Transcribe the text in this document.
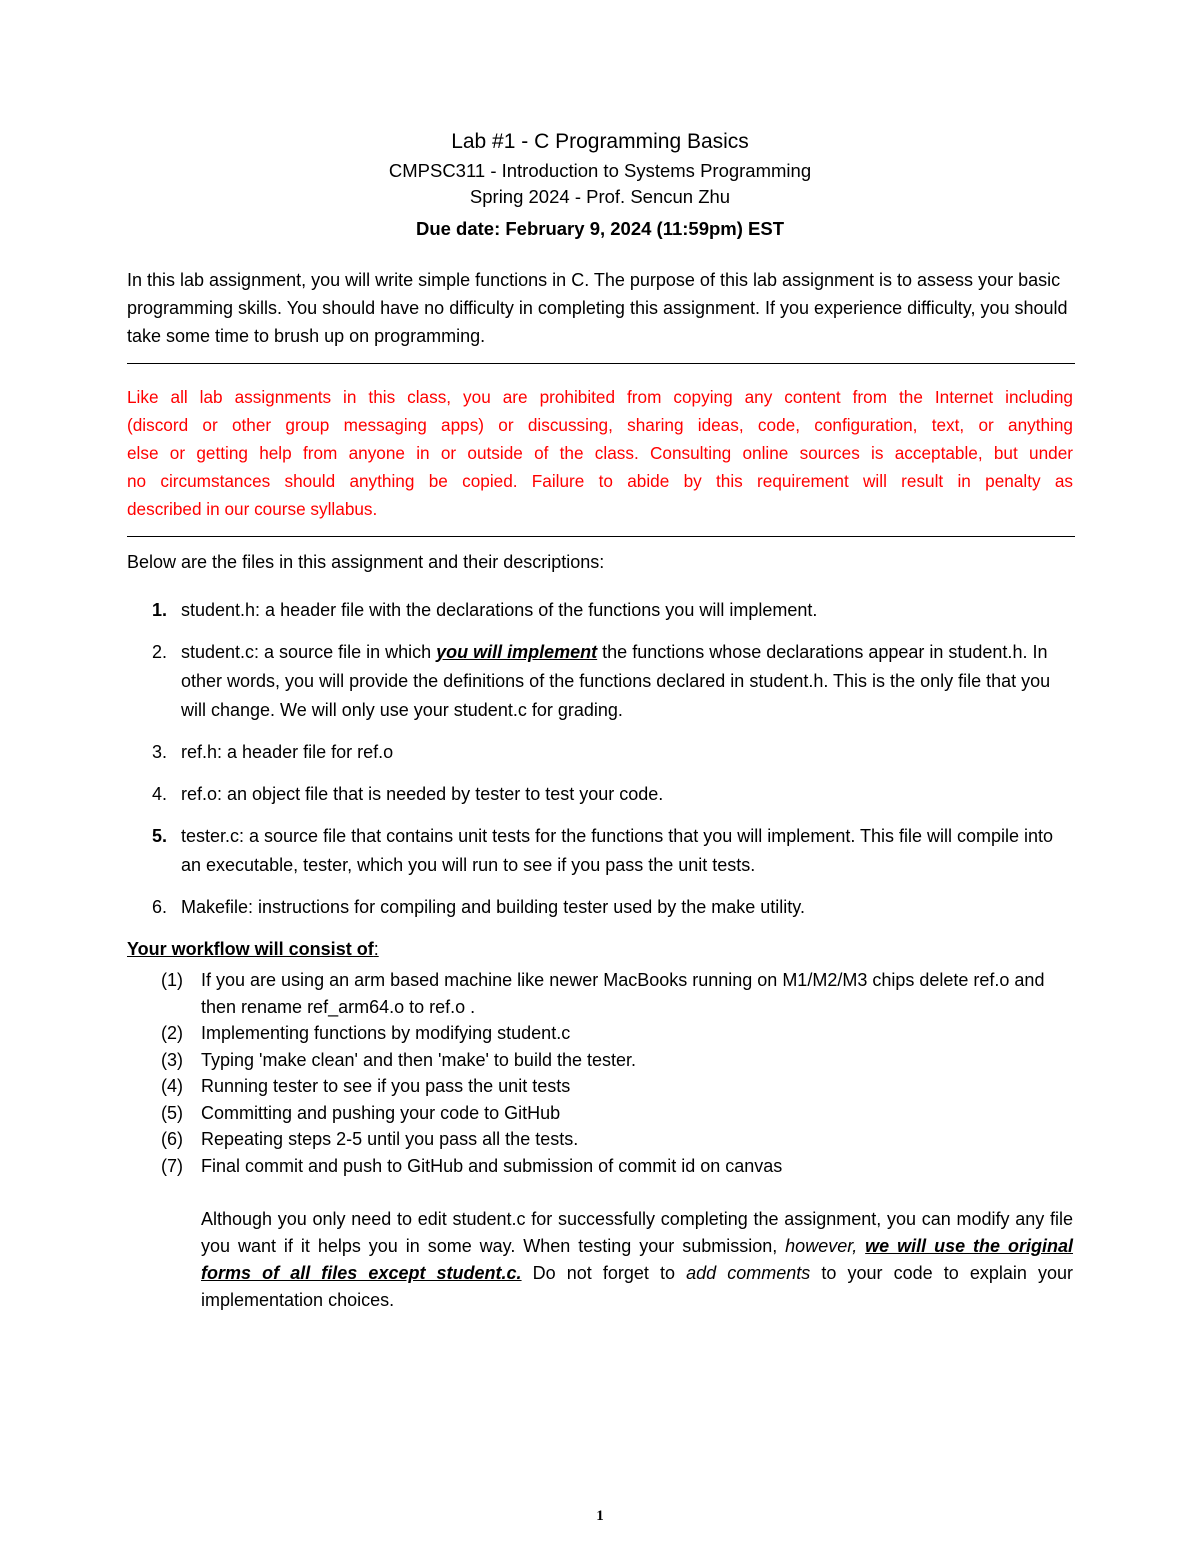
Lab #1 - C Programming Basics
CMPSC311 - Introduction to Systems Programming
Spring 2024 - Prof. Sencun Zhu
Due date: February 9, 2024 (11:59pm) EST
In this lab assignment, you will write simple functions in C. The purpose of this lab assignment is to assess your basic programming skills. You should have no difficulty in completing this assignment. If you experience difficulty, you should take some time to brush up on programming.
Like all lab assignments in this class, you are prohibited from copying any content from the Internet including
(discord or other group messaging apps) or discussing, sharing ideas, code, configuration, text, or anything
else or getting help from anyone in or outside of the class. Consulting online sources is acceptable, but under
no circumstances should anything be copied. Failure to abide by this requirement will result in penalty as
described in our course syllabus.
Below are the files in this assignment and their descriptions:
1. student.h: a header file with the declarations of the functions you will implement.
2. student.c: a source file in which you will implement the functions whose declarations appear in student.h. In other words, you will provide the definitions of the functions declared in student.h. This is the only file that you will change. We will only use your student.c for grading.
3. ref.h: a header file for ref.o
4. ref.o: an object file that is needed by tester to test your code.
5. tester.c: a source file that contains unit tests for the functions that you will implement. This file will compile into an executable, tester, which you will run to see if you pass the unit tests.
6. Makefile: instructions for compiling and building tester used by the make utility.
Your workflow will consist of:
(1) If you are using an arm based machine like newer MacBooks running on M1/M2/M3 chips delete ref.o and then rename ref_arm64.o to ref.o .
(2) Implementing functions by modifying student.c
(3) Typing 'make clean' and then 'make' to build the tester.
(4) Running tester to see if you pass the unit tests
(5) Committing and pushing your code to GitHub
(6) Repeating steps 2-5 until you pass all the tests.
(7) Final commit and push to GitHub and submission of commit id on canvas
Although you only need to edit student.c for successfully completing the assignment, you can modify any file you want if it helps you in some way. When testing your submission, however, we will use the original forms of all files except student.c. Do not forget to add comments to your code to explain your implementation choices.
1
